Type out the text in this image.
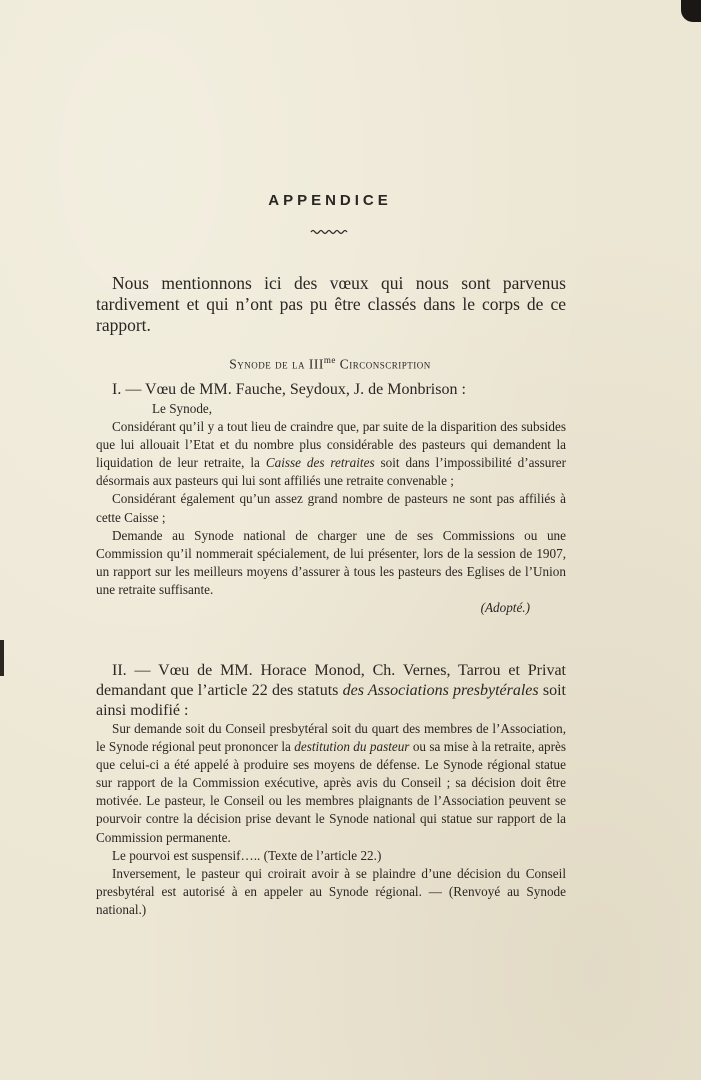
APPENDICE
Nous mentionnons ici des vœux qui nous sont parvenus tardivement et qui n’ont pas pu être classés dans le corps de ce rapport.
Synode de la $III^{me}$ Circonscription
I. — Vœu de MM. Fauche, Seydoux, J. de Monbrison :

Le Synode,

Considérant qu’il y a tout lieu de craindre que, par suite de la disparition des subsides que lui allouait l’Etat et du nombre plus considérable des pasteurs qui demandent la liquidation de leur retraite, la Caisse des retraites soit dans l’impossibilité d’assurer désormais aux pasteurs qui lui sont affiliés une retraite convenable ;

Considérant également qu’un assez grand nombre de pasteurs ne sont pas affiliés à cette Caisse ;

Demande au Synode national de charger une de ses Commissions ou une Commission qu’il nommerait spécialement, de lui présenter, lors de la session de 1907, un rapport sur les meilleurs moyens d’assurer à tous les pasteurs des Eglises de l’Union une retraite suffisante.

(Adopté.)

II. — Vœu de MM. Horace Monod, Ch. Vernes, Tarrou et Privat demandant que l’article 22 des statuts des Associations presbytérales soit ainsi modifié :

Sur demande soit du Conseil presbytéral soit du quart des membres de l’Association, le Synode régional peut prononcer la destitution du pasteur ou sa mise à la retraite, après que celui-ci a été appelé à produire ses moyens de défense. Le Synode régional statue sur rapport de la Commission exécutive, après avis du Conseil ; sa décision doit être motivée. Le pasteur, le Conseil ou les membres plaignants de l’Association peuvent se pourvoir contre la décision prise devant le Synode national qui statue sur rapport de la Commission permanente.

Le pourvoi est suspensif….. (Texte de l’article 22.)

Inversement, le pasteur qui croirait avoir à se plaindre d’une décision du Conseil presbytéral est autorisé à en appeler au Synode régional. — (Renvoyé au Synode national.)
